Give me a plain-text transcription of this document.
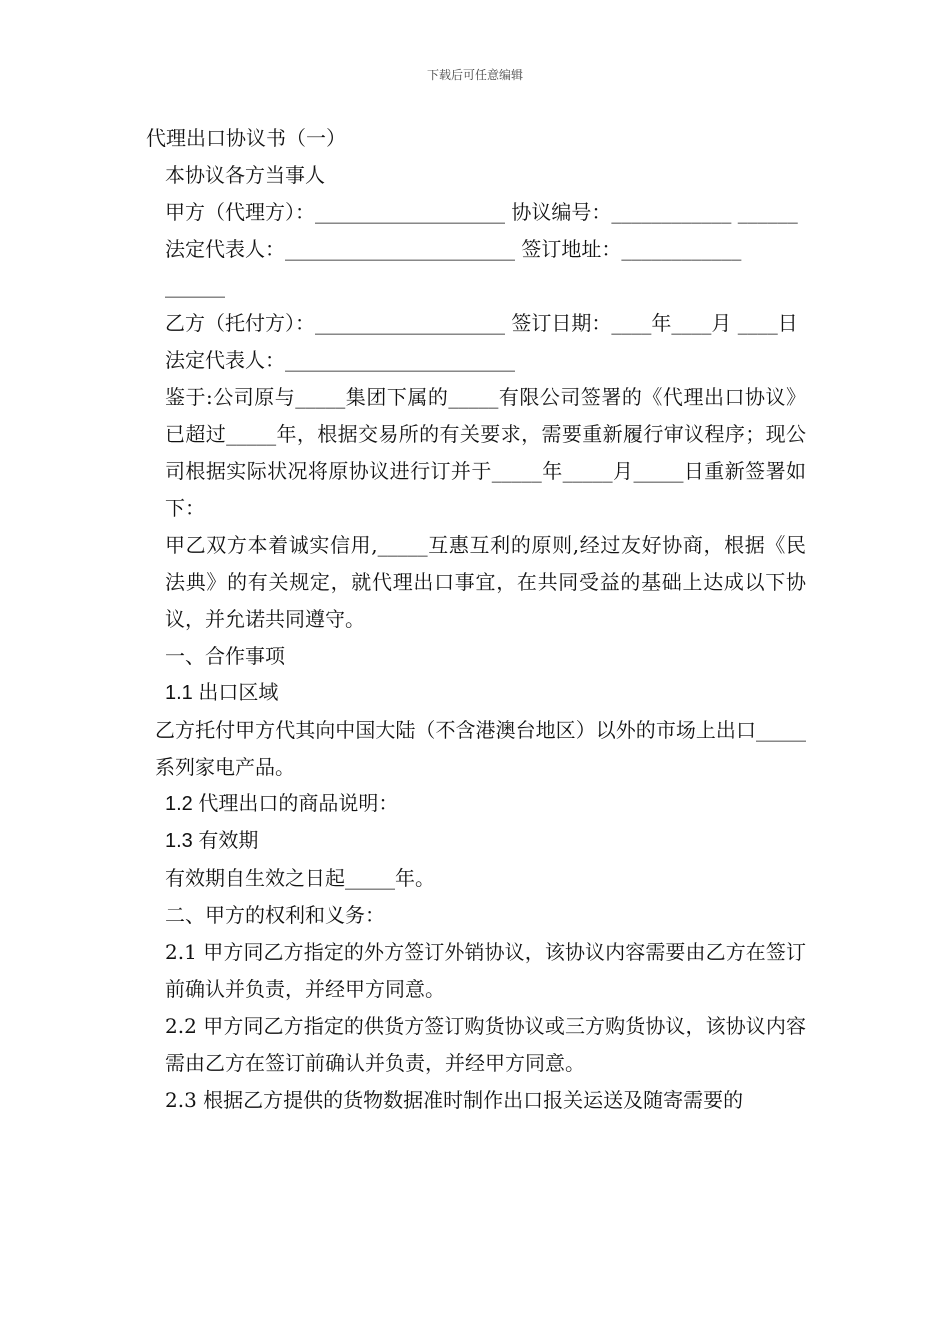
下载后可任意编辑

代理出口协议书（一）

本协议各方当事人

甲方（代理方）：___________________ 协议编号：____________ ______

法定代表人：_______________________ 签订地址：____________ ______

乙方（托付方）：___________________ 签订日期：____年____月 ____日

法定代表人：_______________________

鉴于:公司原与_____集团下属的_____有限公司签署的《代理出口协议》已超过_____年，根据交易所的有关要求，需要重新履行审议程序；现公司根据实际状况将原协议进行订并于_____年_____月_____日重新签署如下：

甲乙双方本着诚实信用,_____互惠互利的原则,经过友好协商，根据《民法典》的有关规定，就代理出口事宜，在共同受益的基础上达成以下协议，并允诺共同遵守。

一、合作事项

1.1 出口区域

乙方托付甲方代其向中国大陆（不含港澳台地区）以外的市场上出口_____系列家电产品。

1.2 代理出口的商品说明：

1.3 有效期

有效期自生效之日起_____年。

二、甲方的权利和义务：

2.1 甲方同乙方指定的外方签订外销协议，该协议内容需要由乙方在签订前确认并负责，并经甲方同意。

2.2 甲方同乙方指定的供货方签订购货协议或三方购货协议，该协议内容需由乙方在签订前确认并负责，并经甲方同意。

2.3 根据乙方提供的货物数据准时制作出口报关运送及随寄需要的
